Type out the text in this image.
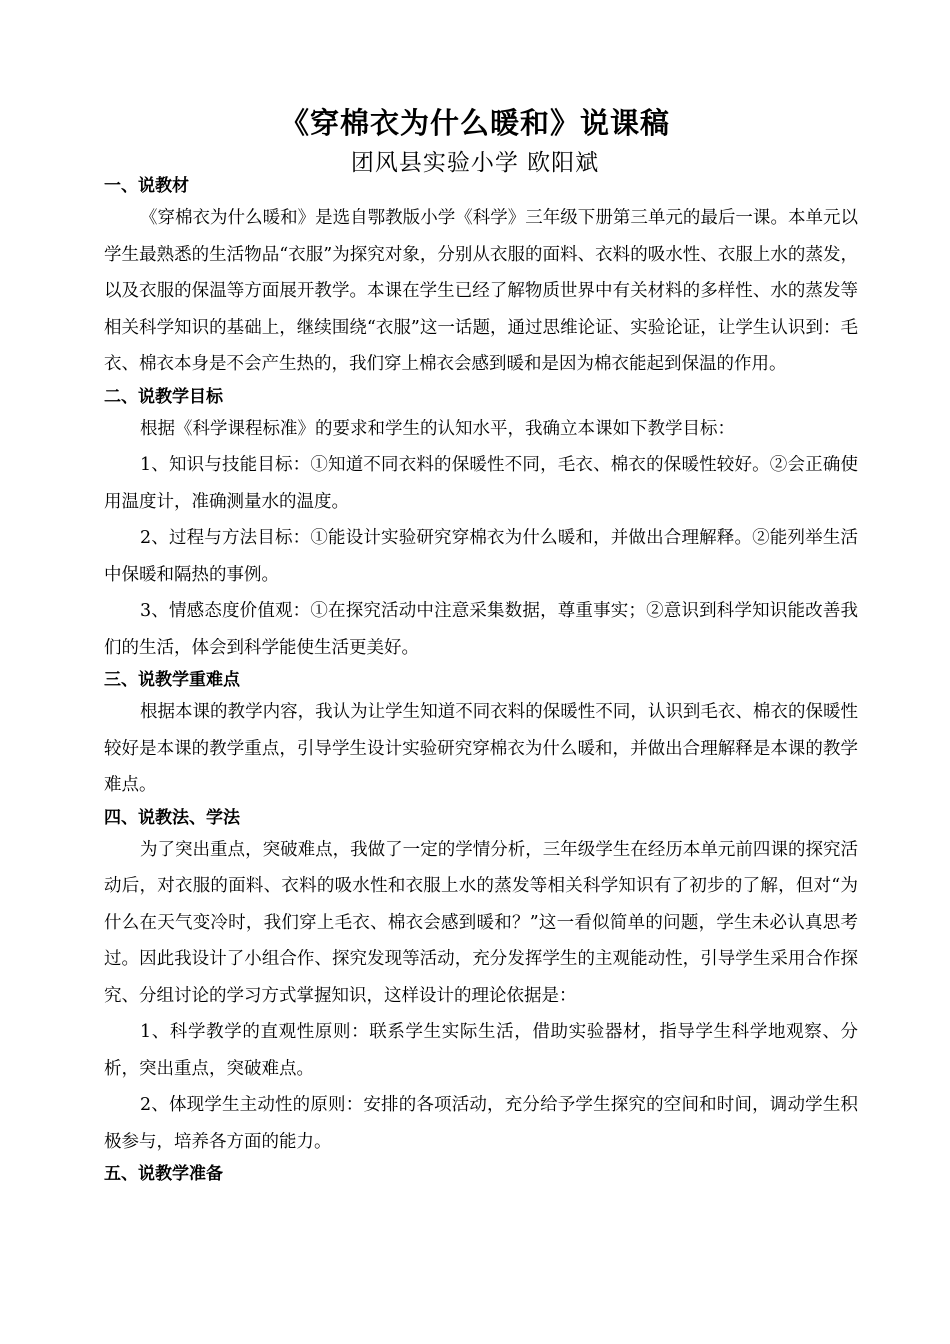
《穿棉衣为什么暖和》说课稿
团风县实验小学 欧阳斌
一、说教材

《穿棉衣为什么暖和》是选自鄂教版小学《科学》三年级下册第三单元的最后一课。本单元以学生最熟悉的生活物品“衣服”为探究对象，分别从衣服的面料、衣料的吸水性、衣服上水的蒸发，以及衣服的保温等方面展开教学。本课在学生已经了解物质世界中有关材料的多样性、水的蒸发等相关科学知识的基础上，继续围绕“衣服”这一话题，通过思维论证、实验论证，让学生认识到：毛衣、棉衣本身是不会产生热的，我们穿上棉衣会感到暖和是因为棉衣能起到保温的作用。

二、说教学目标

根据《科学课程标准》的要求和学生的认知水平，我确立本课如下教学目标：

1、知识与技能目标：①知道不同衣料的保暖性不同，毛衣、棉衣的保暖性较好。②会正确使用温度计，准确测量水的温度。

2、过程与方法目标：①能设计实验研究穿棉衣为什么暖和，并做出合理解释。②能列举生活中保暖和隔热的事例。

3、情感态度价值观：①在探究活动中注意采集数据，尊重事实；②意识到科学知识能改善我们的生活，体会到科学能使生活更美好。

三、说教学重难点

根据本课的教学内容，我认为让学生知道不同衣料的保暖性不同，认识到毛衣、棉衣的保暖性较好是本课的教学重点，引导学生设计实验研究穿棉衣为什么暖和，并做出合理解释是本课的教学难点。

四、说教法、学法

为了突出重点，突破难点，我做了一定的学情分析，三年级学生在经历本单元前四课的探究活动后，对衣服的面料、衣料的吸水性和衣服上水的蒸发等相关科学知识有了初步的了解，但对“为什么在天气变冷时，我们穿上毛衣、棉衣会感到暖和？”这一看似简单的问题，学生未必认真思考过。因此我设计了小组合作、探究发现等活动，充分发挥学生的主观能动性，引导学生采用合作探究、分组讨论的学习方式掌握知识，这样设计的理论依据是：

1、科学教学的直观性原则：联系学生实际生活，借助实验器材，指导学生科学地观察、分析，突出重点，突破难点。

2、体现学生主动性的原则：安排的各项活动，充分给予学生探究的空间和时间，调动学生积极参与，培养各方面的能力。

五、说教学准备
